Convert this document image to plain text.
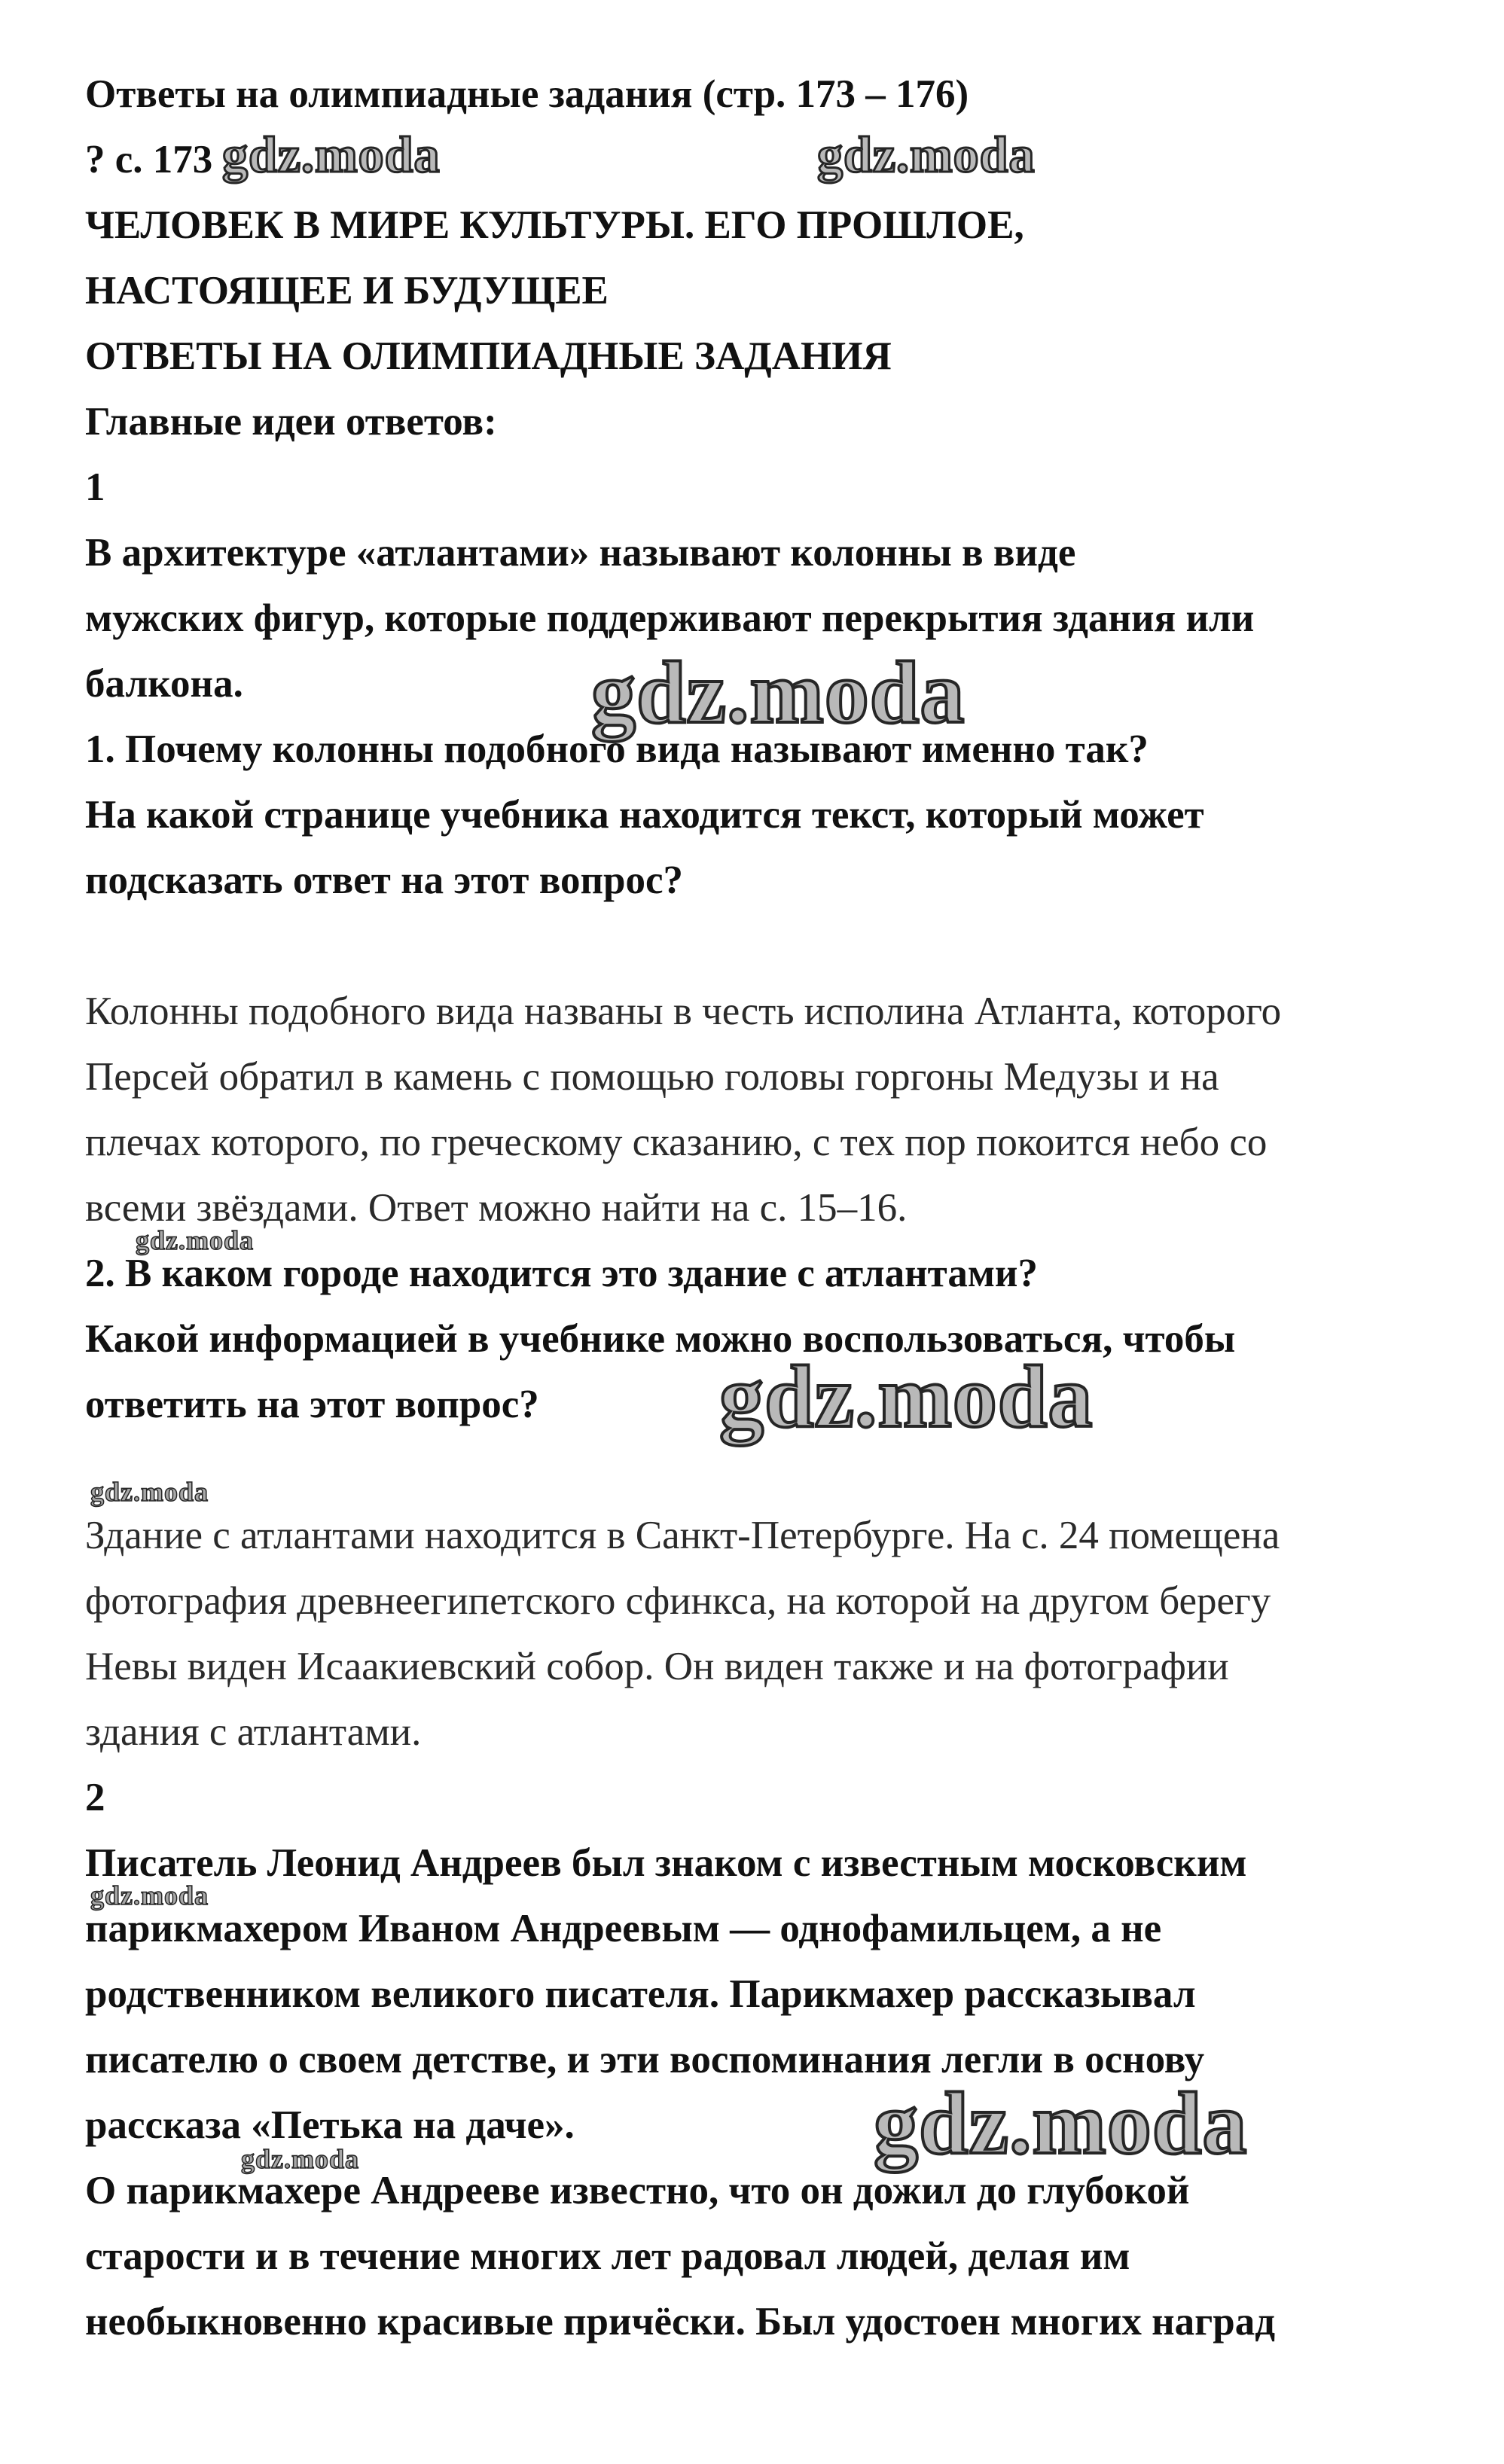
Ответы на олимпиадные задания (стр. 173 – 176)
? с. 173
ЧЕЛОВЕК В МИРЕ КУЛЬТУРЫ. ЕГО ПРОШЛОЕ,
НАСТОЯЩЕЕ И БУДУЩЕЕ
ОТВЕТЫ НА ОЛИМПИАДНЫЕ ЗАДАНИЯ
Главные идеи ответов:
1
В архитектуре «атлантами» называют колонны в виде
мужских фигур, которые поддерживают перекрытия здания или
балкона.
1. Почему колонны подобного вида называют именно так?
На какой странице учебника находится текст, который может
подсказать ответ на этот вопрос?
Колонны подобного вида названы в честь исполина Атланта, которого
Персей обратил в камень с помощью головы горгоны Медузы и на
плечах которого, по греческому сказанию, с тех пор покоится небо со
всеми звёздами. Ответ можно найти на с. 15–16.
2. В каком городе находится это здание с атлантами?
Какой информацией в учебнике можно воспользоваться, чтобы
ответить на этот вопрос?
Здание с атлантами находится в Санкт-Петербурге. На с. 24 помещена
фотография древнеегипетского сфинкса, на которой на другом берегу
Невы виден Исаакиевский собор. Он виден также и на фотографии
здания с атлантами.
2
Писатель Леонид Андреев был знаком с известным московским
парикмахером Иваном Андреевым — однофамильцем, а не
родственником великого писателя. Парикмахер рассказывал
писателю о своем детстве, и эти воспоминания легли в основу
рассказа «Петька на даче».
О парикмахере Андрееве известно, что он дожил до глубокой
старости и в течение многих лет радовал людей, делая им
необыкновенно красивые причёски. Был удостоен многих наград
gdz.moda	gdz.moda
gdz.moda
gdz.moda
gdz.moda
gdz.moda
gdz.moda
gdz.moda
gdz.moda
